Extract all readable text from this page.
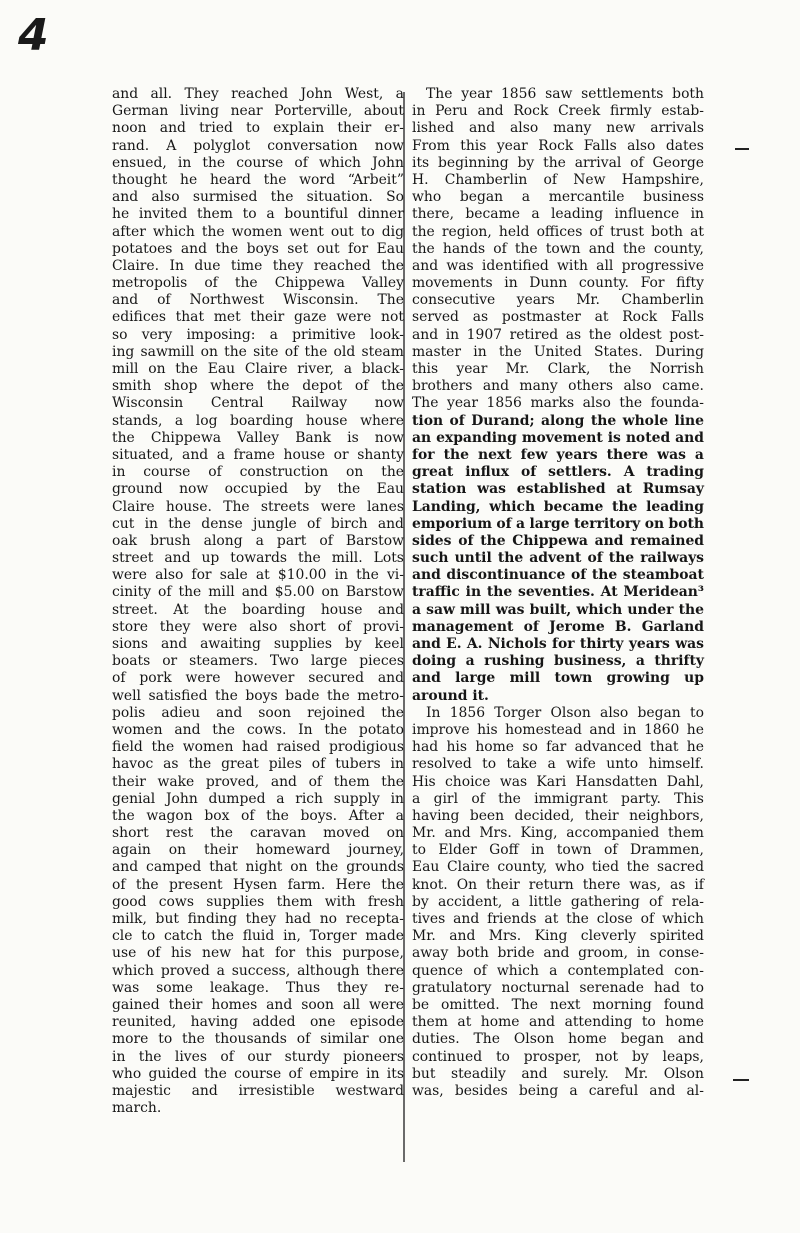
4
and all. They reached John West, a
German living near Porterville, about
noon and tried to explain their er-
rand. A polyglot conversation now
ensued, in the course of which John
thought he heard the word “Arbeit”
and also surmised the situation. So
he invited them to a bountiful dinner
after which the women went out to dig
potatoes and the boys set out for Eau
Claire. In due time they reached the
metropolis of the Chippewa Valley
and of Northwest Wisconsin. The
edifices that met their gaze were not
so very imposing: a primitive look-
ing sawmill on the site of the old steam
mill on the Eau Claire river, a black-
smith shop where the depot of the
Wisconsin Central Railway now
stands, a log boarding house where
the Chippewa Valley Bank is now
situated, and a frame house or shanty
in course of construction on the
ground now occupied by the Eau
Claire house. The streets were lanes
cut in the dense jungle of birch and
oak brush along a part of Barstow
street and up towards the mill. Lots
were also for sale at $10.00 in the vi-
cinity of the mill and $5.00 on Barstow
street. At the boarding house and
store they were also short of provi-
sions and awaiting supplies by keel
boats or steamers. Two large pieces
of pork were however secured and
well satisfied the boys bade the metro-
polis adieu and soon rejoined the
women and the cows. In the potato
field the women had raised prodigious
havoc as the great piles of tubers in
their wake proved, and of them the
genial John dumped a rich supply in
the wagon box of the boys. After a
short rest the caravan moved on
again on their homeward journey,
and camped that night on the grounds
of the present Hysen farm. Here the
good cows supplies them with fresh
milk, but finding they had no recepta-
cle to catch the fluid in, Torger made
use of his new hat for this purpose,
which proved a success, although there
was some leakage. Thus they re-
gained their homes and soon all were
reunited, having added one episode
more to the thousands of similar one
in the lives of our sturdy pioneers
who guided the course of empire in its
majestic and irresistible westward
march.
The year 1856 saw settlements both
in Peru and Rock Creek firmly estab-
lished and also many new arrivals
From this year Rock Falls also dates
its beginning by the arrival of George
H. Chamberlin of New Hampshire,
who began a mercantile business
there, became a leading influence in
the region, held offices of trust both at
the hands of the town and the county,
and was identified with all progressive
movements in Dunn county. For fifty
consecutive years Mr. Chamberlin
served as postmaster at Rock Falls
and in 1907 retired as the oldest post-
master in the United States. During
this year Mr. Clark, the Norrish
brothers and many others also came.
The year 1856 marks also the founda-
tion of Durand; along the whole line
an expanding movement is noted and
for the next few years there was a
great influx of settlers. A trading
station was established at Rumsay
Landing, which became the leading
emporium of a large territory on both
sides of the Chippewa and remained
such until the advent of the railways
and discontinuance of the steamboat
traffic in the seventies. At Meridean³
a saw mill was built, which under the
management of Jerome B. Garland
and E. A. Nichols for thirty years was
doing a rushing business, a thrifty
and large mill town growing up
around it.
In 1856 Torger Olson also began to
improve his homestead and in 1860 he
had his home so far advanced that he
resolved to take a wife unto himself.
His choice was Kari Hansdatten Dahl,
a girl of the immigrant party. This
having been decided, their neighbors,
Mr. and Mrs. King, accompanied them
to Elder Goff in town of Drammen,
Eau Claire county, who tied the sacred
knot. On their return there was, as if
by accident, a little gathering of rela-
tives and friends at the close of which
Mr. and Mrs. King cleverly spirited
away both bride and groom, in conse-
quence of which a contemplated con-
gratulatory nocturnal serenade had to
be omitted. The next morning found
them at home and attending to home
duties. The Olson home began and
continued to prosper, not by leaps,
but steadily and surely. Mr. Olson
was, besides being a careful and al-
